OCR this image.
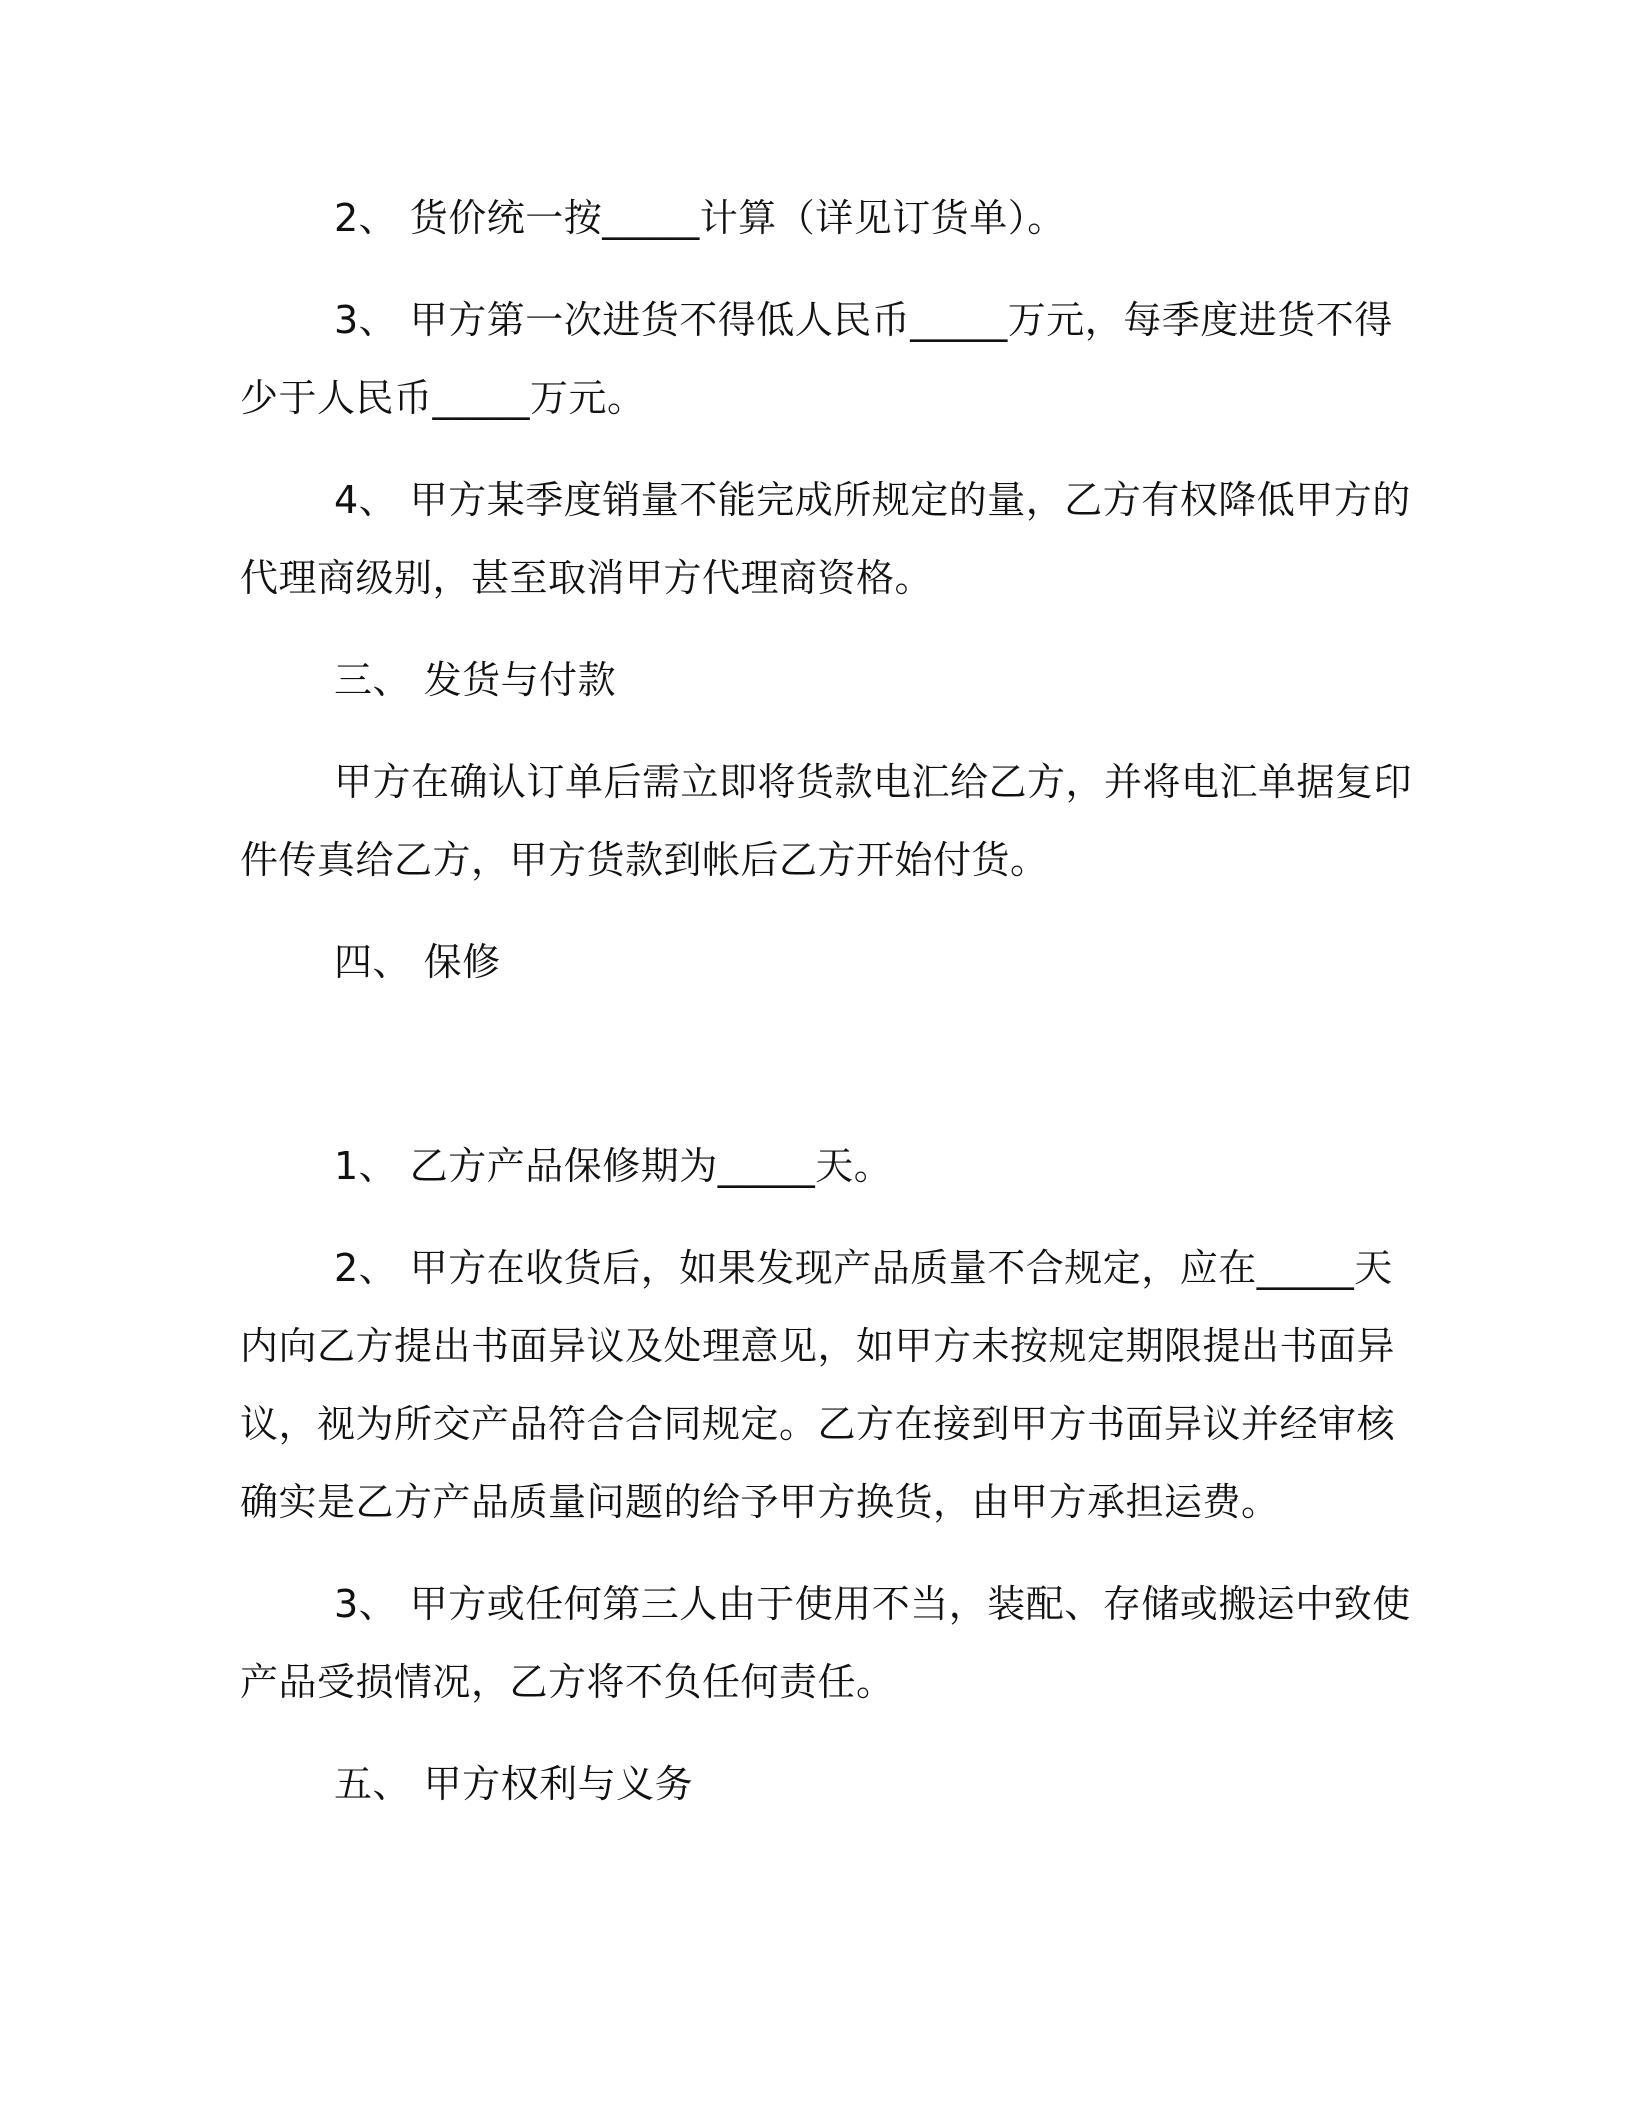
2、 货价统一按_____计算（详见订货单）。
3、 甲方第一次进货不得低人民币_____万元，每季度进货不得
少于人民币_____万元。
4、 甲方某季度销量不能完成所规定的量，乙方有权降低甲方的
代理商级别，甚至取消甲方代理商资格。
三、 发货与付款
甲方在确认订单后需立即将货款电汇给乙方，并将电汇单据复印
件传真给乙方，甲方货款到帐后乙方开始付货。
四、 保修
1、 乙方产品保修期为_____天。
2、 甲方在收货后，如果发现产品质量不合规定，应在_____天
内向乙方提出书面异议及处理意见，如甲方未按规定期限提出书面异
议，视为所交产品符合合同规定。乙方在接到甲方书面异议并经审核
确实是乙方产品质量问题的给予甲方换货，由甲方承担运费。
3、 甲方或任何第三人由于使用不当，装配、存储或搬运中致使
产品受损情况，乙方将不负任何责任。
五、 甲方权利与义务
